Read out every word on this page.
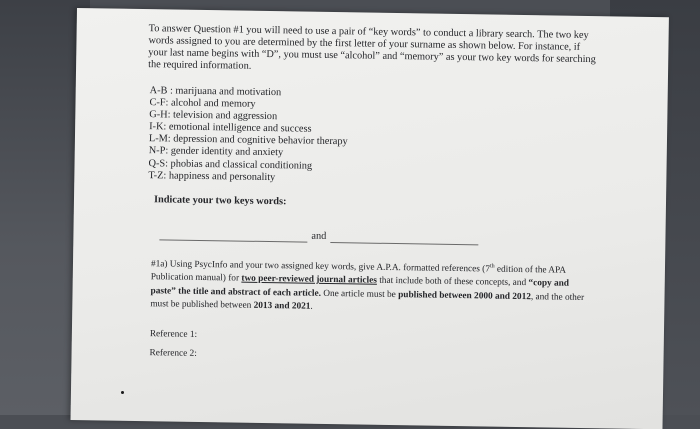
To answer Question #1 you will need to use a pair of “key words” to conduct a library search. The two key words assigned to you are determined by the first letter of your surname as shown below. For instance, if your last name begins with “D”, you must use “alcohol” and “memory” as your two key words for searching the required information.

A-B : marijuana and motivation
C-F: alcohol and memory
G-H: television and aggression
I-K: emotional intelligence and success
L-M: depression and cognitive behavior therapy
N-P: gender identity and anxiety
Q-S: phobias and classical conditioning
T-Z: happiness and personality

Indicate your two keys words:

and

#1a) Using PsycInfo and your two assigned key words, give A.P.A. formatted references (7th edition of the APA Publication manual) for two peer-reviewed journal articles that include both of these concepts, and “copy and paste” the title and abstract of each article. One article must be published between 2000 and 2012, and the other must be published between 2013 and 2021.

Reference 1:

Reference 2:
